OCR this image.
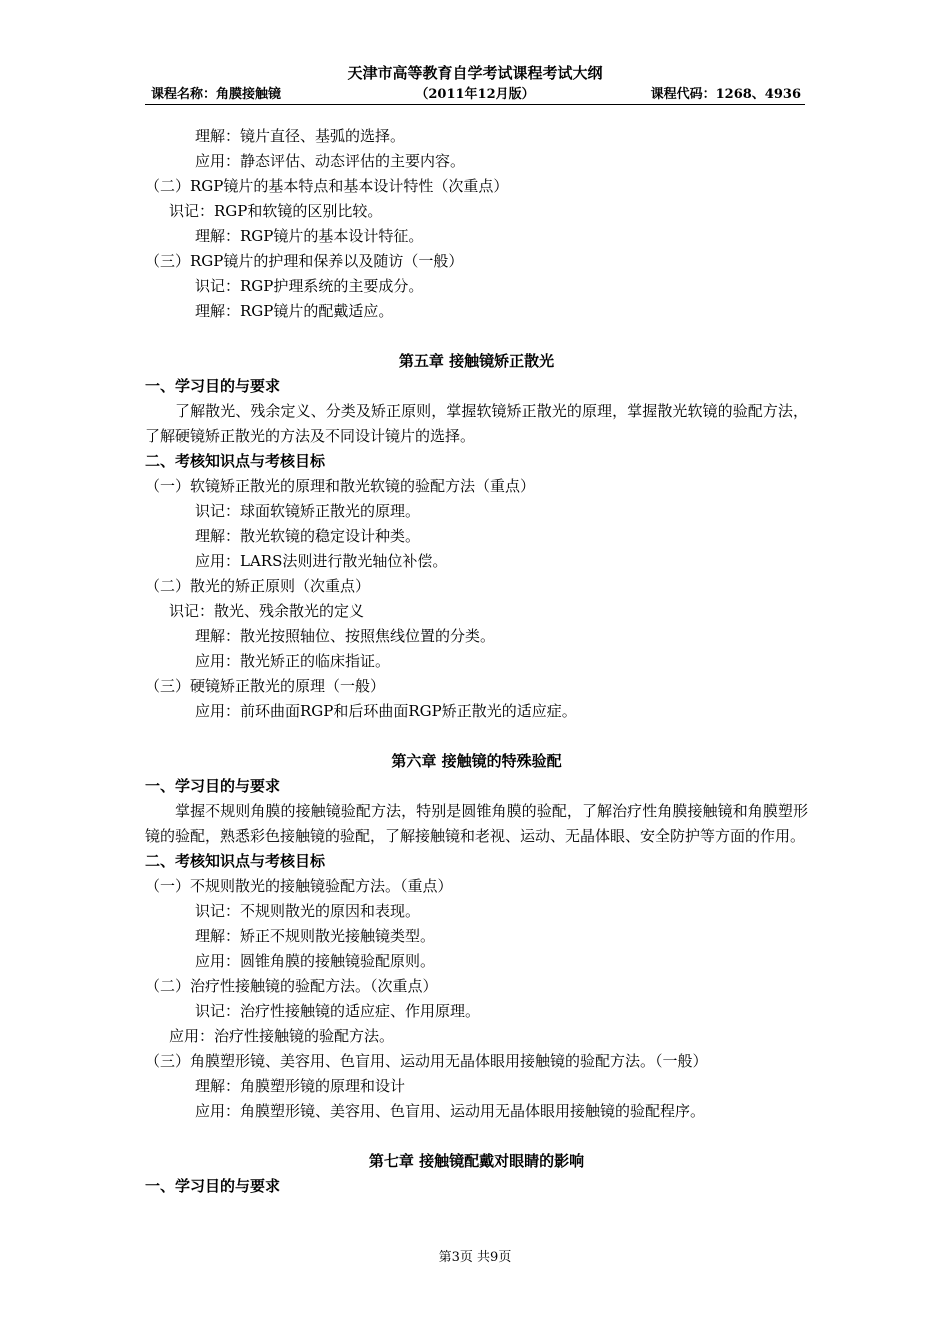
天津市高等教育自学考试课程考试大纲
课程名称：角膜接触镜	（2011年12月版）	课程代码：1268、4936
理解：镜片直径、基弧的选择。
应用：静态评估、动态评估的主要内容。
（二）RGP镜片的基本特点和基本设计特性（次重点）
识记：RGP和软镜的区别比较。
理解：RGP镜片的基本设计特征。
（三）RGP镜片的护理和保养以及随访（一般）
识记：RGP护理系统的主要成分。
理解：RGP镜片的配戴适应。
第五章 接触镜矫正散光
一、学习目的与要求
了解散光、残余定义、分类及矫正原则，掌握软镜矫正散光的原理，掌握散光软镜的验配方法，了解硬镜矫正散光的方法及不同设计镜片的选择。
二、考核知识点与考核目标
（一）软镜矫正散光的原理和散光软镜的验配方法（重点）
识记：球面软镜矫正散光的原理。
理解：散光软镜的稳定设计种类。
应用：LARS法则进行散光轴位补偿。
（二）散光的矫正原则（次重点）
识记：散光、残余散光的定义
理解：散光按照轴位、按照焦线位置的分类。
应用：散光矫正的临床指证。
（三）硬镜矫正散光的原理（一般）
应用：前环曲面RGP和后环曲面RGP矫正散光的适应症。
第六章 接触镜的特殊验配
一、学习目的与要求
掌握不规则角膜的接触镜验配方法，特别是圆锥角膜的验配，了解治疗性角膜接触镜和角膜塑形镜的验配，熟悉彩色接触镜的验配，了解接触镜和老视、运动、无晶体眼、安全防护等方面的作用。
二、考核知识点与考核目标
（一）不规则散光的接触镜验配方法。（重点）
识记：不规则散光的原因和表现。
理解：矫正不规则散光接触镜类型。
应用：圆锥角膜的接触镜验配原则。
（二）治疗性接触镜的验配方法。（次重点）
识记：治疗性接触镜的适应症、作用原理。
应用：治疗性接触镜的验配方法。
（三）角膜塑形镜、美容用、色盲用、运动用无晶体眼用接触镜的验配方法。（一般）
理解：角膜塑形镜的原理和设计
应用：角膜塑形镜、美容用、色盲用、运动用无晶体眼用接触镜的验配程序。
第七章 接触镜配戴对眼睛的影响
一、学习目的与要求
第3页 共9页
